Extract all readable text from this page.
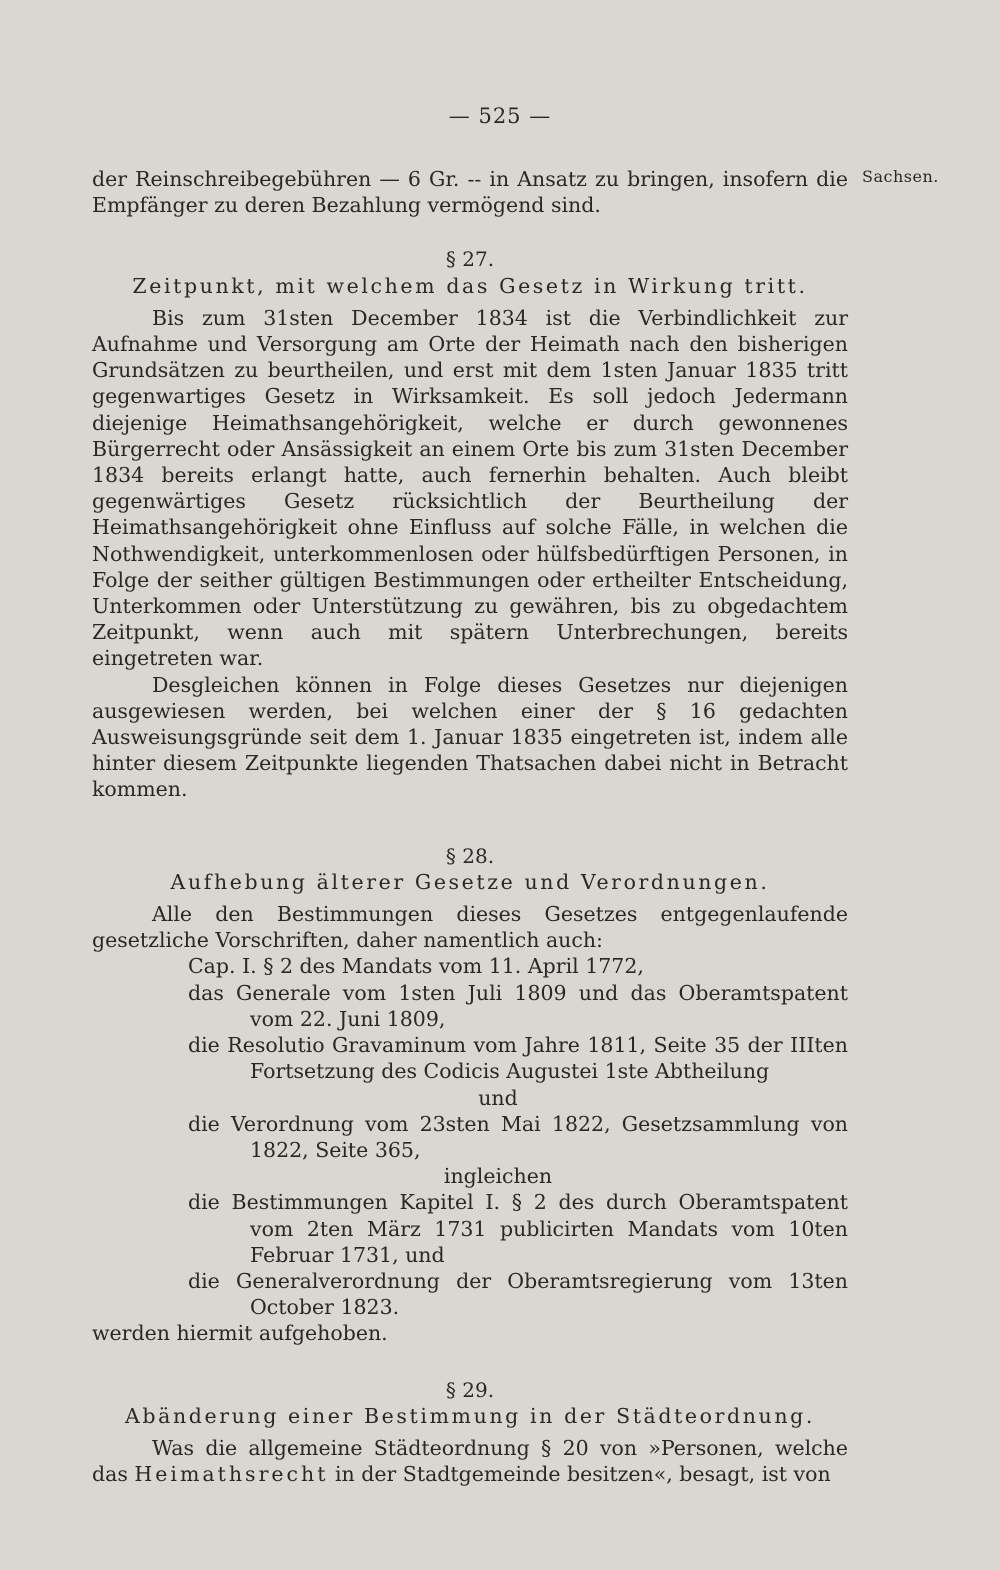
— 525 —
Sachsen.

der Reinschreibegebühren — 6 Gr. -- in Ansatz zu bringen, insofern die Empfänger zu deren Bezahlung vermögend sind.

§ 27.
Zeitpunkt, mit welchem das Gesetz in Wirkung tritt.

Bis zum 31sten December 1834 ist die Verbindlichkeit zur Aufnahme und Versorgung am Orte der Heimath nach den bisherigen Grundsätzen zu beurtheilen, und erst mit dem 1sten Januar 1835 tritt gegenwartiges Gesetz in Wirksamkeit. Es soll jedoch Jedermann diejenige Heimathsangehörigkeit, welche er durch gewonnenes Bürgerrecht oder Ansässigkeit an einem Orte bis zum 31sten December 1834 bereits erlangt hatte, auch fernerhin behalten. Auch bleibt gegenwärtiges Gesetz rücksichtlich der Beurtheilung der Heimathsangehörigkeit ohne Einfluss auf solche Fälle, in welchen die Nothwendigkeit, unterkommenlosen oder hülfsbedürftigen Personen, in Folge der seither gültigen Bestimmungen oder ertheilter Entscheidung, Unterkommen oder Unterstützung zu gewähren, bis zu obgedachtem Zeitpunkt, wenn auch mit spätern Unterbrechungen, bereits eingetreten war.

Desgleichen können in Folge dieses Gesetzes nur diejenigen ausgewiesen werden, bei welchen einer der § 16 gedachten Ausweisungsgründe seit dem 1. Januar 1835 eingetreten ist, indem alle hinter diesem Zeitpunkte liegenden Thatsachen dabei nicht in Betracht kommen.

§ 28.
Aufhebung älterer Gesetze und Verordnungen.

Alle den Bestimmungen dieses Gesetzes entgegenlaufende gesetzliche Vorschriften, daher namentlich auch:

Cap. I. § 2 des Mandats vom 11. April 1772,

das Generale vom 1sten Juli 1809 und das Oberamtspatent vom 22. Juni 1809,

die Resolutio Gravaminum vom Jahre 1811, Seite 35 der IIIten Fortsetzung des Codicis Augustei 1ste Abtheilung

und

die Verordnung vom 23sten Mai 1822, Gesetzsammlung von 1822, Seite 365,

ingleichen

die Bestimmungen Kapitel I. § 2 des durch Oberamtspatent vom 2ten März 1731 publicirten Mandats vom 10ten Februar 1731, und

die Generalverordnung der Oberamtsregierung vom 13ten October 1823.

werden hiermit aufgehoben.

§ 29.
Abänderung einer Bestimmung in der Städteordnung.

Was die allgemeine Städteordnung § 20 von »Personen, welche das Heimathsrecht in der Stadtgemeinde besitzen«, besagt, ist von
